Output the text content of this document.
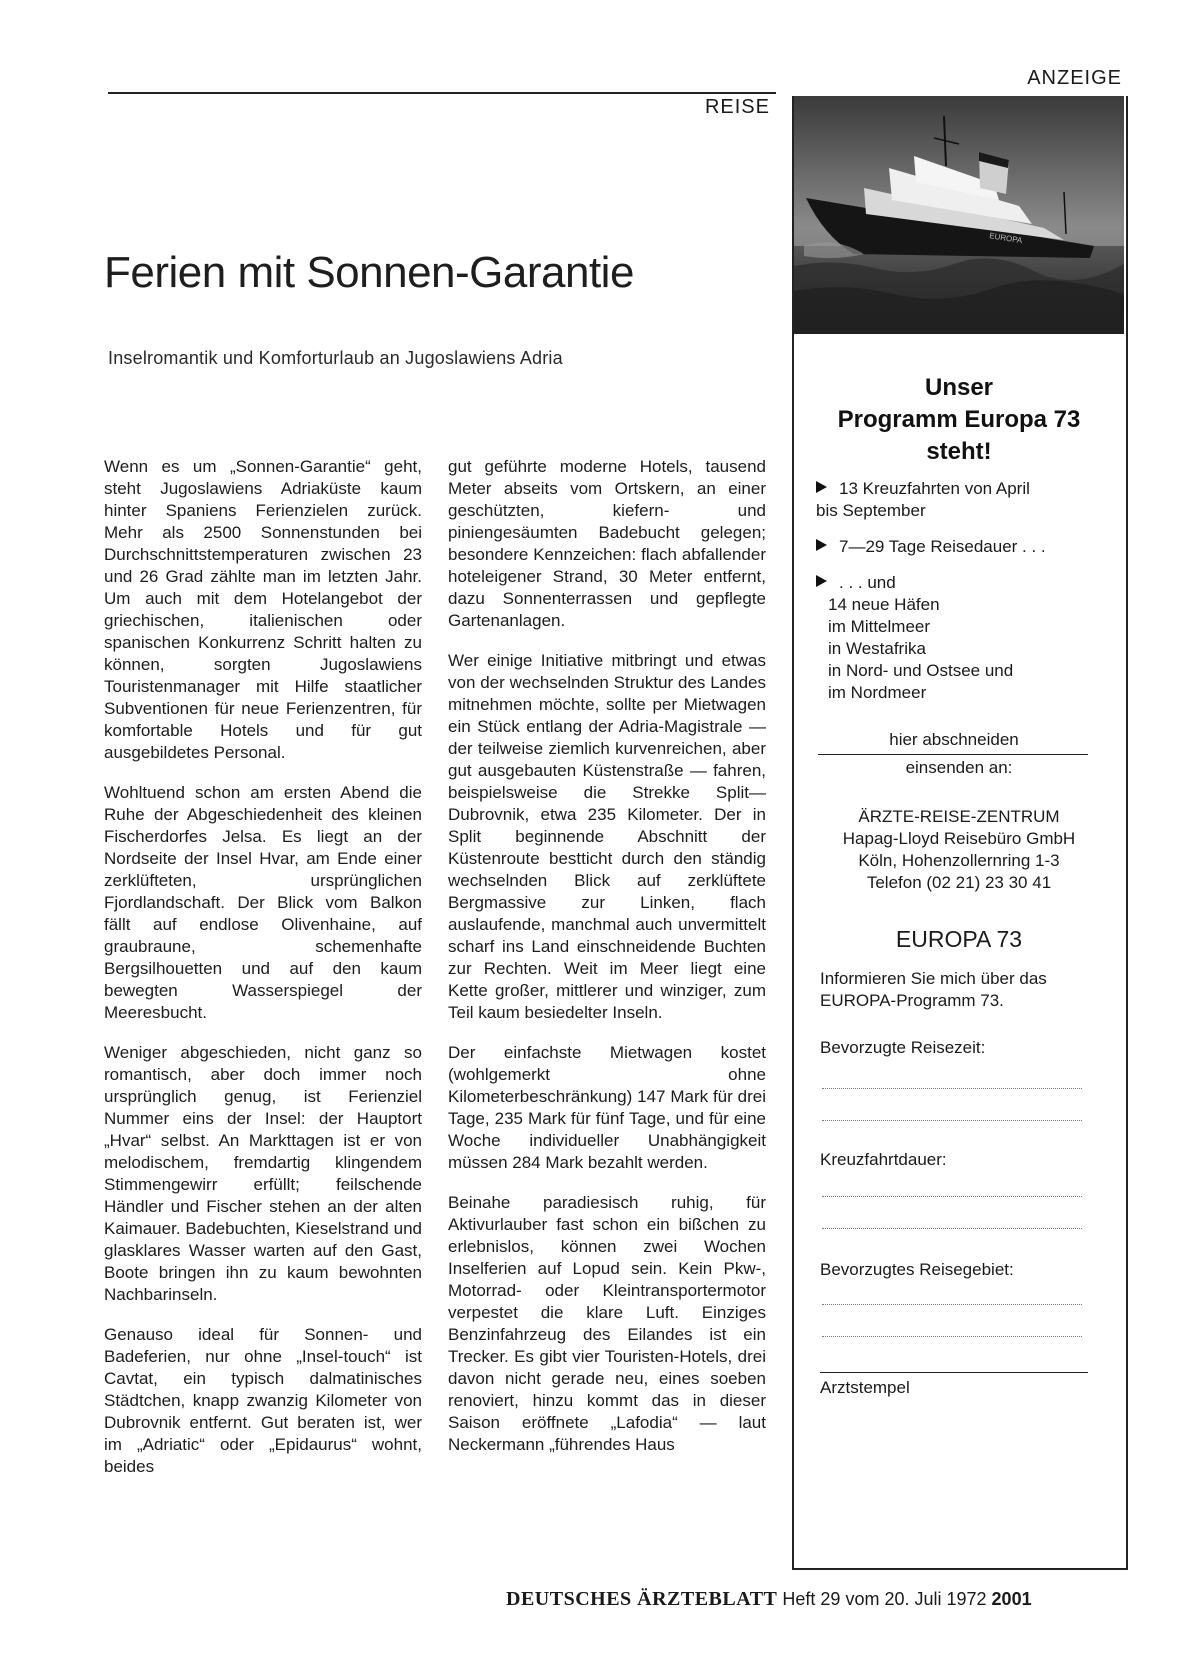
REISE
ANZEIGE
Ferien mit Sonnen-Garantie
Inselromantik und Komforturlaub an Jugoslawiens Adria

Wenn es um „Sonnen-Garantie“ geht, steht Jugoslawiens Adriaküste kaum hinter Spaniens Ferienzielen zurück. Mehr als 2500 Sonnenstunden bei Durchschnittstemperaturen zwischen 23 und 26 Grad zählte man im letzten Jahr. Um auch mit dem Hotelangebot der griechischen, italienischen oder spanischen Konkurrenz Schritt halten zu können, sorgten Jugoslawiens Touristenmanager mit Hilfe staatlicher Subventionen für neue Ferienzentren, für komfortable Hotels und für gut ausgebildetes Personal.

Wohltuend schon am ersten Abend die Ruhe der Abgeschiedenheit des kleinen Fischerdorfes Jelsa. Es liegt an der Nordseite der Insel Hvar, am Ende einer zerklüfteten, ursprünglichen Fjordlandschaft. Der Blick vom Balkon fällt auf endlose Olivenhaine, auf graubraune, schemenhafte Bergsilhouetten und auf den kaum bewegten Wasserspiegel der Meeresbucht.

Weniger abgeschieden, nicht ganz so romantisch, aber doch immer noch ursprünglich genug, ist Ferienziel Nummer eins der Insel: der Hauptort „Hvar“ selbst. An Markttagen ist er von melodischem, fremdartig klingendem Stimmengewirr erfüllt; feilschende Händler und Fischer stehen an der alten Kaimauer. Badebuchten, Kieselstrand und glasklares Wasser warten auf den Gast, Boote bringen ihn zu kaum bewohnten Nachbarinseln.

Genauso ideal für Sonnen- und Badeferien, nur ohne „Insel-touch“ ist Cavtat, ein typisch dalmatinisches Städtchen, knapp zwanzig Kilometer von Dubrovnik entfernt. Gut beraten ist, wer im „Adriatic“ oder „Epidaurus“ wohnt, beides

gut geführte moderne Hotels, tausend Meter abseits vom Ortskern, an einer geschützten, kiefern- und piniengesäumten Badebucht gelegen; besondere Kennzeichen: flach abfallender hoteleigener Strand, 30 Meter entfernt, dazu Sonnenterrassen und gepflegte Gartenanlagen.

Wer einige Initiative mitbringt und etwas von der wechselnden Struktur des Landes mitnehmen möchte, sollte per Mietwagen ein Stück entlang der Adria-Magistrale — der teilweise ziemlich kurvenreichen, aber gut ausgebauten Küstenstraße — fahren, beispielsweise die Strekke Split—Dubrovnik, etwa 235 Kilometer. Der in Split beginnende Abschnitt der Küstenroute bestticht durch den ständig wechselnden Blick auf zerklüftete Bergmassive zur Linken, flach auslaufende, manchmal auch unvermittelt scharf ins Land einschneidende Buchten zur Rechten. Weit im Meer liegt eine Kette großer, mittlerer und winziger, zum Teil kaum besiedelter Inseln.

Der einfachste Mietwagen kostet (wohlgemerkt ohne Kilometerbeschränkung) 147 Mark für drei Tage, 235 Mark für fünf Tage, und für eine Woche individueller Unabhängigkeit müssen 284 Mark bezahlt werden.

Beinahe paradiesisch ruhig, für Aktivurlauber fast schon ein bißchen zu erlebnislos, können zwei Wochen Inselferien auf Lopud sein. Kein Pkw-, Motorrad- oder Kleintransportermotor verpestet die klare Luft. Einziges Benzinfahrzeug des Eilandes ist ein Trecker. Es gibt vier Touristen-Hotels, drei davon nicht gerade neu, eines soeben renoviert, hinzu kommt das in dieser Saison eröffnete „Lafodia“ — laut Neckermann „führendes Haus

EUROPA
Unser
Programm Europa 73
steht!
13 Kreuzfahrten von April
bis September
7—29 Tage Reisedauer . . .
. . . und
14 neue Häfen
im Mittelmeer
in Westafrika
in Nord- und Ostsee und
im Nordmeer
hier abschneiden
einsenden an:
ÄRZTE-REISE-ZENTRUM
Hapag-Lloyd Reisebüro GmbH
Köln, Hohenzollernring 1-3
Telefon (02 21) 23 30 41
EUROPA 73
Informieren Sie mich über das EUROPA-Programm 73.
Bevorzugte Reisezeit:
Kreuzfahrtdauer:
Bevorzugtes Reisegebiet:
Arztstempel
DEUTSCHES ÄRZTEBLATT Heft 29 vom 20. Juli 1972 2001
